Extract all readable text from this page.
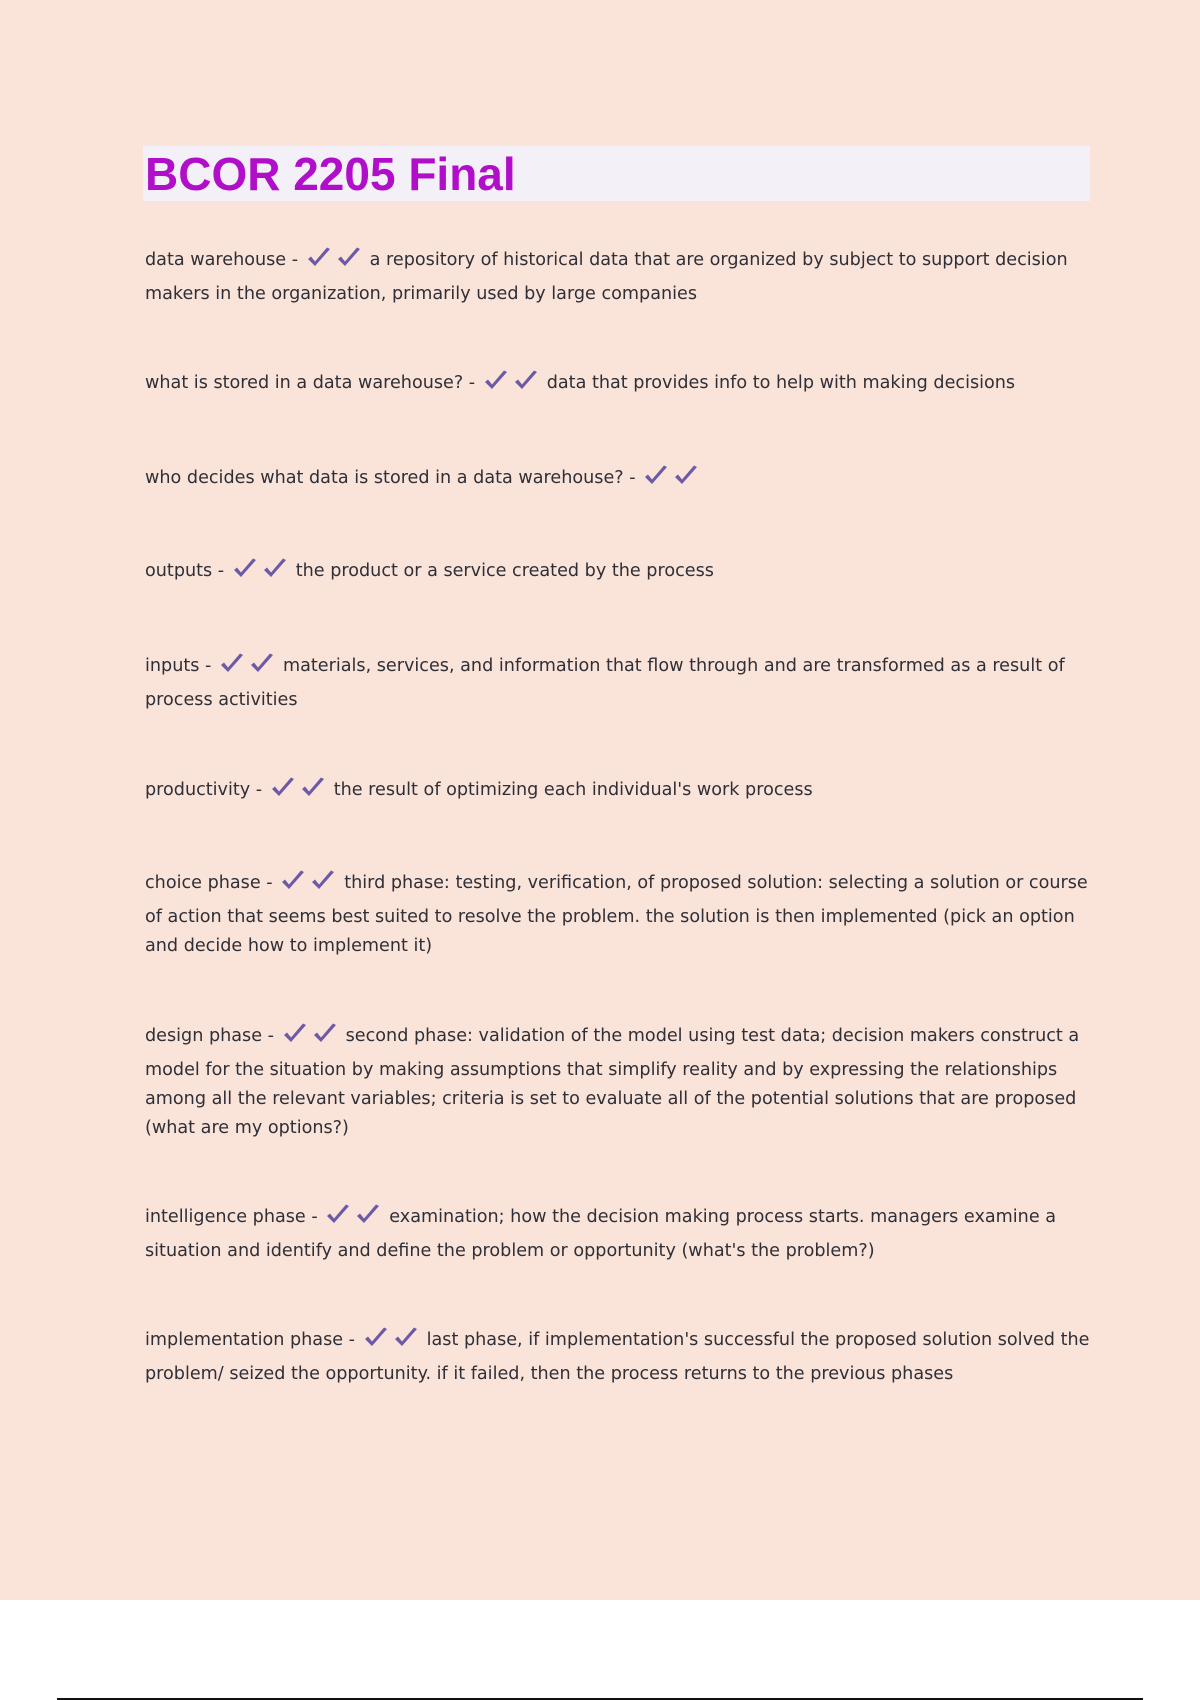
BCOR 2205 Final
data warehouse -	a repository of historical data that are organized by subject to support decision makers in the organization, primarily used by large companies
what is stored in a data warehouse? -	data that provides info to help with making decisions
who decides what data is stored in a data warehouse? -
outputs -	the product or a service created by the process
inputs -	materials, services, and information that flow through and are transformed as a result of process activities
productivity -	the result of optimizing each individual's work process
choice phase -	third phase: testing, verification, of proposed solution: selecting a solution or course of action that seems best suited to resolve the problem. the solution is then implemented (pick an option and decide how to implement it)
design phase -	second phase: validation of the model using test data; decision makers construct a model for the situation by making assumptions that simplify reality and by expressing the relationships among all the relevant variables; criteria is set to evaluate all of the potential solutions that are proposed (what are my options?)
intelligence phase -	examination; how the decision making process starts. managers examine a situation and identify and define the problem or opportunity (what's the problem?)
implementation phase -	last phase, if implementation's successful the proposed solution solved the problem/ seized the opportunity. if it failed, then the process returns to the previous phases
